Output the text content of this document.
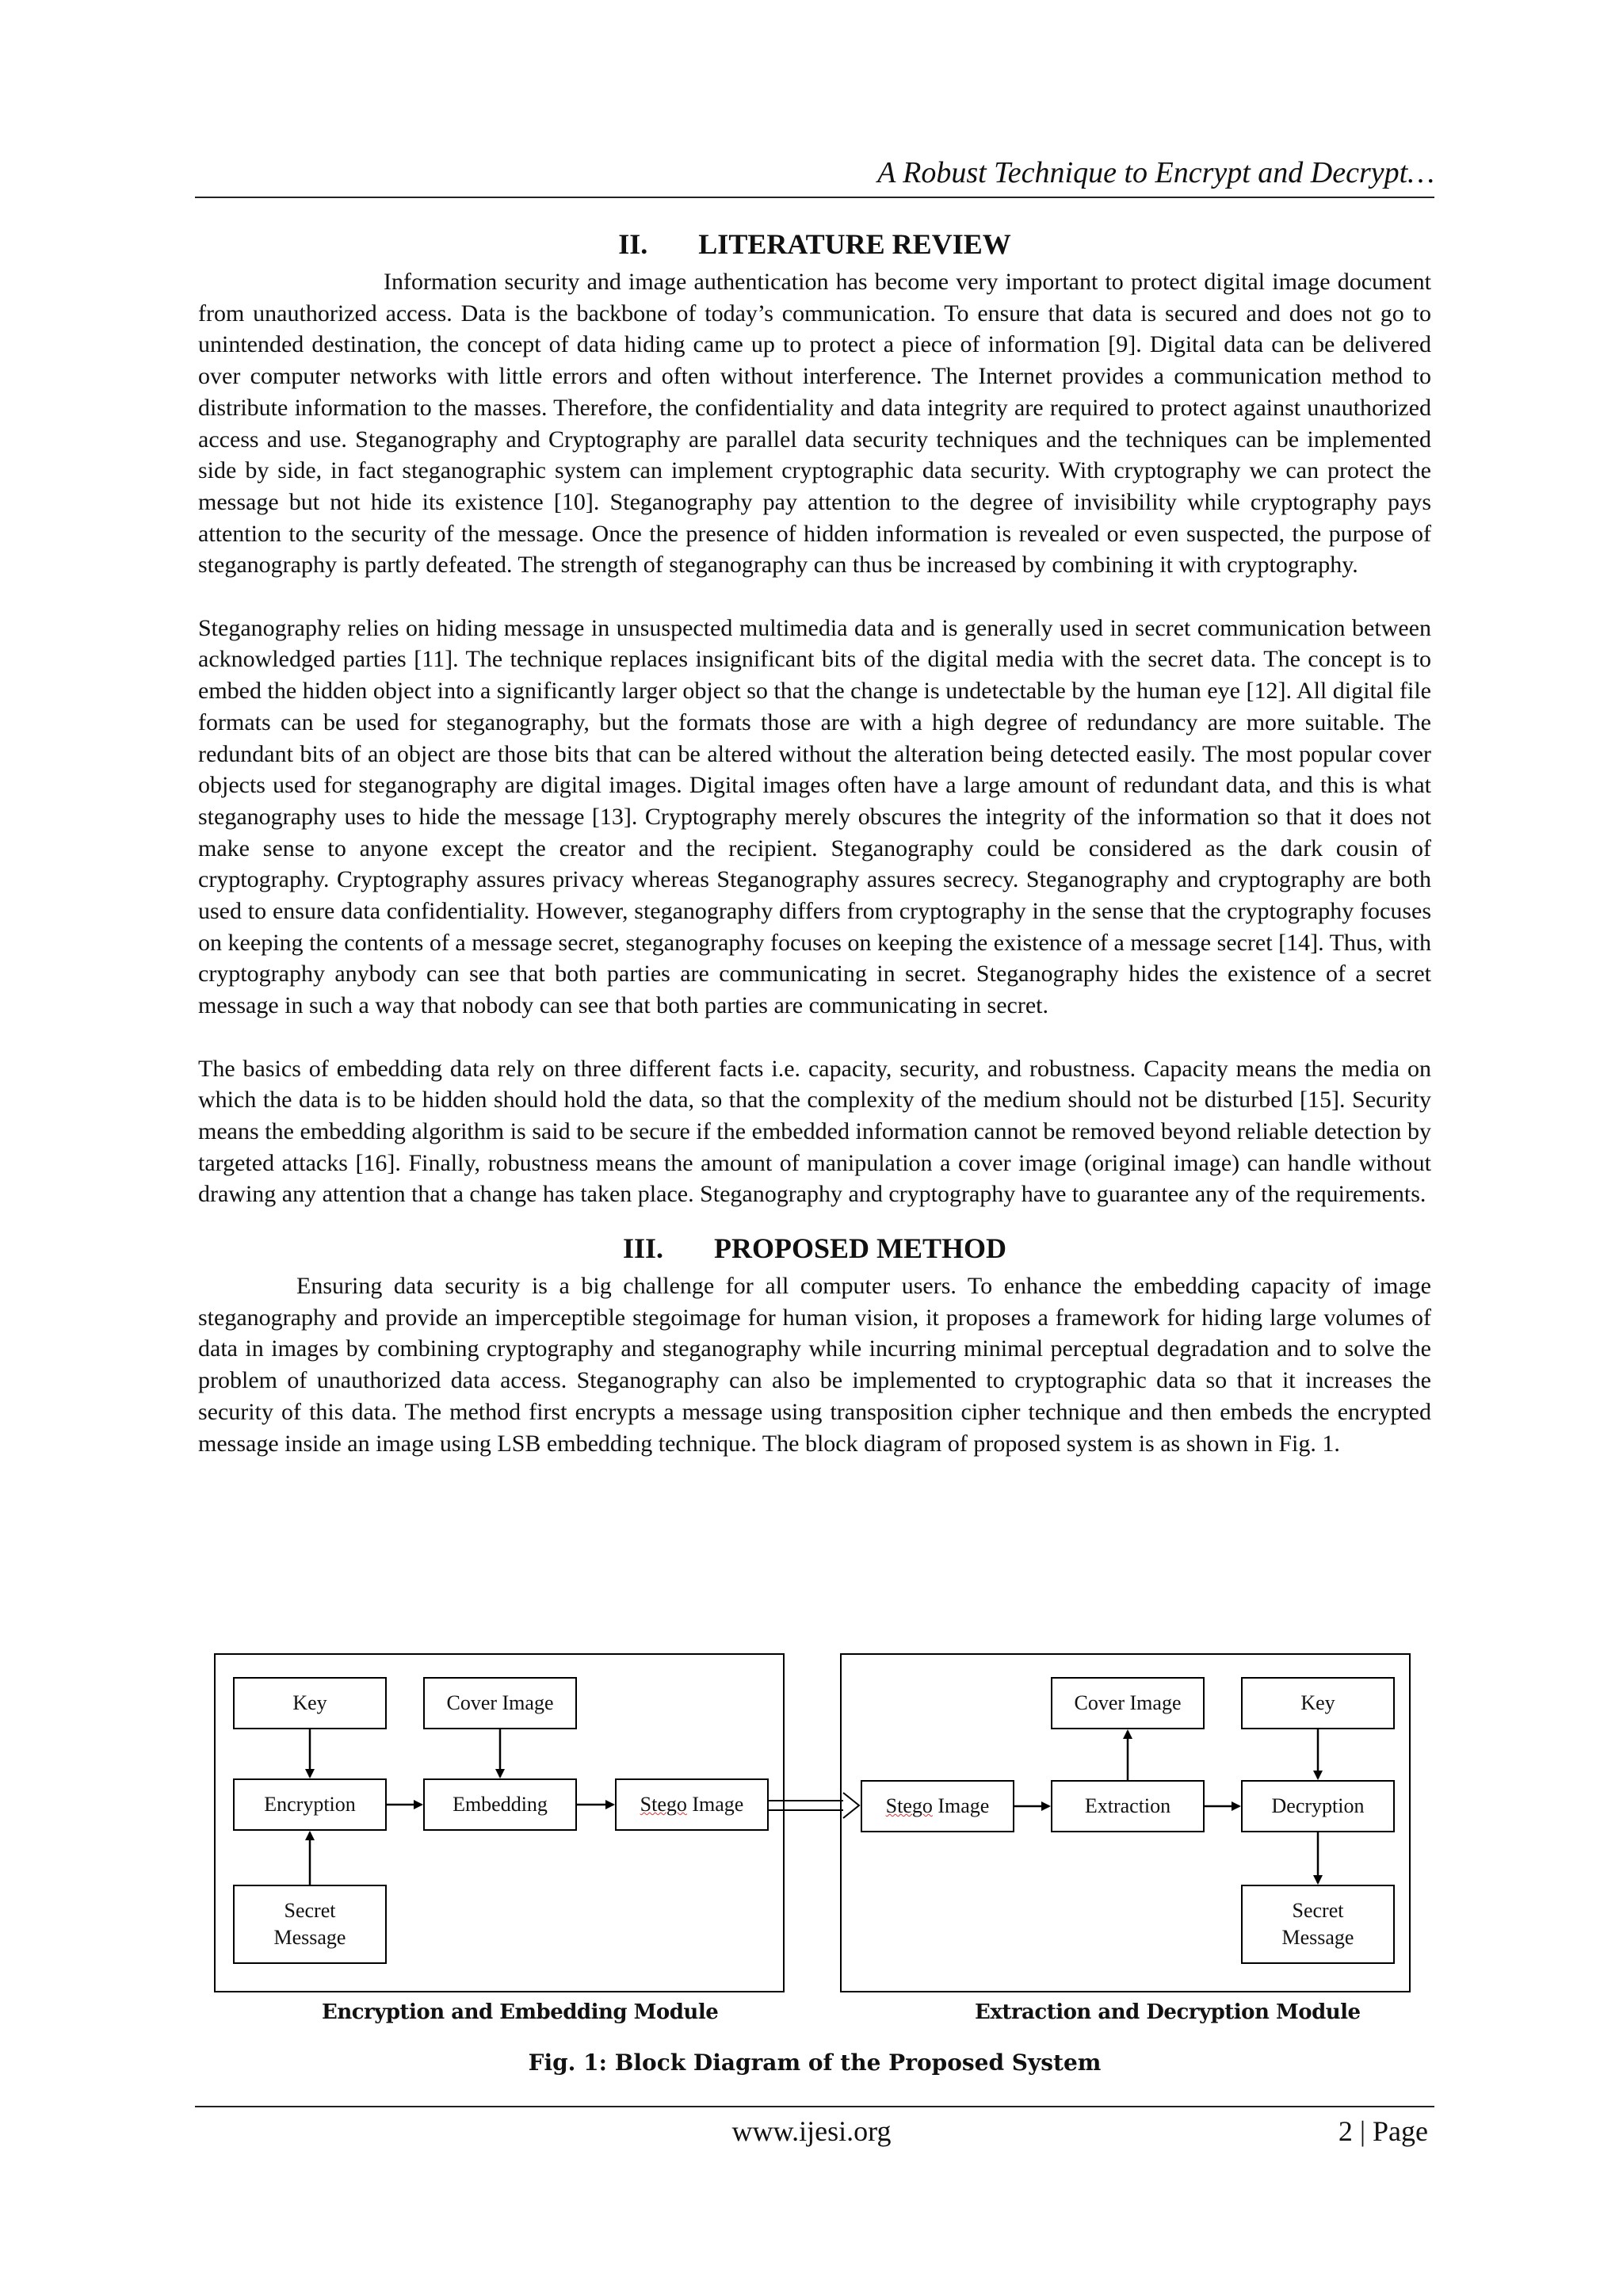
A Robust Technique to Encrypt and Decrypt…
II. LITERATURE REVIEW

Information security and image authentication has become very important to protect digital image document from unauthorized access. Data is the backbone of today’s communication. To ensure that data is secured and does not go to unintended destination, the concept of data hiding came up to protect a piece of information [9]. Digital data can be delivered over computer networks with little errors and often without interference. The Internet provides a communication method to distribute information to the masses. Therefore, the confidentiality and data integrity are required to protect against unauthorized access and use. Steganography and Cryptography are parallel data security techniques and the techniques can be implemented side by side, in fact steganographic system can implement cryptographic data security. With cryptography we can protect the message but not hide its existence [10]. Steganography pay attention to the degree of invisibility while cryptography pays attention to the security of the message. Once the presence of hidden information is revealed or even suspected, the purpose of steganography is partly defeated. The strength of steganography can thus be increased by combining it with cryptography.

Steganography relies on hiding message in unsuspected multimedia data and is generally used in secret communication between acknowledged parties [11]. The technique replaces insignificant bits of the digital media with the secret data. The concept is to embed the hidden object into a significantly larger object so that the change is undetectable by the human eye [12]. All digital file formats can be used for steganography, but the formats those are with a high degree of redundancy are more suitable. The redundant bits of an object are those bits that can be altered without the alteration being detected easily. The most popular cover objects used for steganography are digital images. Digital images often have a large amount of redundant data, and this is what steganography uses to hide the message [13]. Cryptography merely obscures the integrity of the information so that it does not make sense to anyone except the creator and the recipient. Steganography could be considered as the dark cousin of cryptography. Cryptography assures privacy whereas Steganography assures secrecy. Steganography and cryptography are both used to ensure data confidentiality. However, steganography differs from cryptography in the sense that the cryptography focuses on keeping the contents of a message secret, steganography focuses on keeping the existence of a message secret [14]. Thus, with cryptography anybody can see that both parties are communicating in secret. Steganography hides the existence of a secret message in such a way that nobody can see that both parties are communicating in secret.

The basics of embedding data rely on three different facts i.e. capacity, security, and robustness. Capacity means the media on which the data is to be hidden should hold the data, so that the complexity of the medium should not be disturbed [15]. Security means the embedding algorithm is said to be secure if the embedded information cannot be removed beyond reliable detection by targeted attacks [16]. Finally, robustness means the amount of manipulation a cover image (original image) can handle without drawing any attention that a change has taken place. Steganography and cryptography have to guarantee any of the requirements.

III. PROPOSED METHOD

Ensuring data security is a big challenge for all computer users. To enhance the embedding capacity of image steganography and provide an imperceptible stegoimage for human vision, it proposes a framework for hiding large volumes of data in images by combining cryptography and steganography while incurring minimal perceptual degradation and to solve the problem of unauthorized data access. Steganography can also be implemented to cryptographic data so that it increases the security of this data. The method first encrypts a message using transposition cipher technique and then embeds the encrypted message inside an image using LSB embedding technique. The block diagram of proposed system is as shown in Fig. 1.

Key	Cover Image
Encryption	Embedding	Stego Image
Secret
Message
Cover Image	Key
Stego Image	Extraction	Decryption
Secret
Message
Encryption and Embedding Module	Extraction and Decryption Module
Fig. 1: Block Diagram of the Proposed System
www.ijesi.org	2 | Page
